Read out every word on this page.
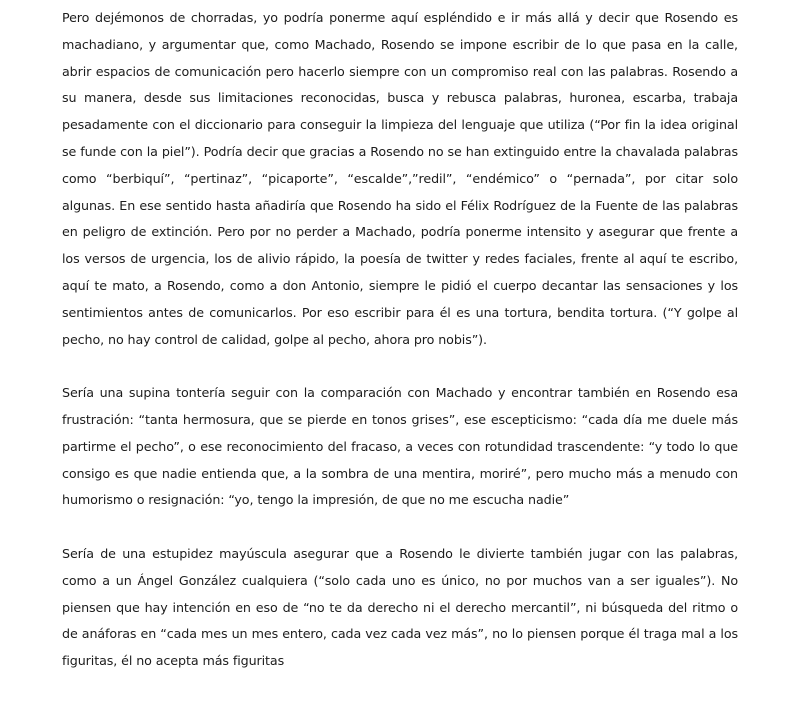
Pero dejémonos de chorradas, yo podría ponerme aquí espléndido e ir más allá y decir que Rosendo es machadiano, y argumentar que, como Machado, Rosendo se impone escribir de lo que pasa en la calle, abrir espacios de comunicación pero hacerlo siempre con un compromiso real con las palabras. Rosendo a su manera, desde sus limitaciones reconocidas, busca y rebusca palabras, huronea, escarba, trabaja pesadamente con el diccionario para conseguir la limpieza del lenguaje que utiliza (“Por fin la idea original se funde con la piel”). Podría decir que gracias a Rosendo no se han extinguido entre la chavalada palabras como “berbiquí”, “pertinaz”, “picaporte”, “escalde”,”redil”, “endémico” o “pernada”, por citar solo algunas. En ese sentido hasta añadiría que Rosendo ha sido el Félix Rodríguez de la Fuente de las palabras en peligro de extinción. Pero por no perder a Machado, podría ponerme intensito y asegurar que frente a los versos de urgencia, los de alivio rápido, la poesía de twitter y redes faciales, frente al aquí te escribo, aquí te mato, a Rosendo, como a don Antonio, siempre le pidió el cuerpo decantar las sensaciones y los sentimientos antes de comunicarlos. Por eso escribir para él es una tortura, bendita tortura. (“Y golpe al pecho, no hay control de calidad, golpe al pecho, ahora pro nobis”).

Sería una supina tontería seguir con la comparación con Machado y encontrar también en Rosendo esa frustración: “tanta hermosura, que se pierde en tonos grises”, ese escepticismo: “cada día me duele más partirme el pecho”, o ese reconocimiento del fracaso, a veces con rotundidad trascendente: “y todo lo que consigo es que nadie entienda que, a la sombra de una mentira, moriré”, pero mucho más a menudo con humorismo o resignación: “yo, tengo la impresión, de que no me escucha nadie”

Sería de una estupidez mayúscula asegurar que a Rosendo le divierte también jugar con las palabras, como a un Ángel González cualquiera (“solo cada uno es único, no por muchos van a ser iguales”). No piensen que hay intención en eso de “no te da derecho ni el derecho mercantil”, ni búsqueda del ritmo o de anáforas en “cada mes un mes entero, cada vez cada vez más”, no lo piensen porque él traga mal a los figuritas, él no acepta más figuritas
